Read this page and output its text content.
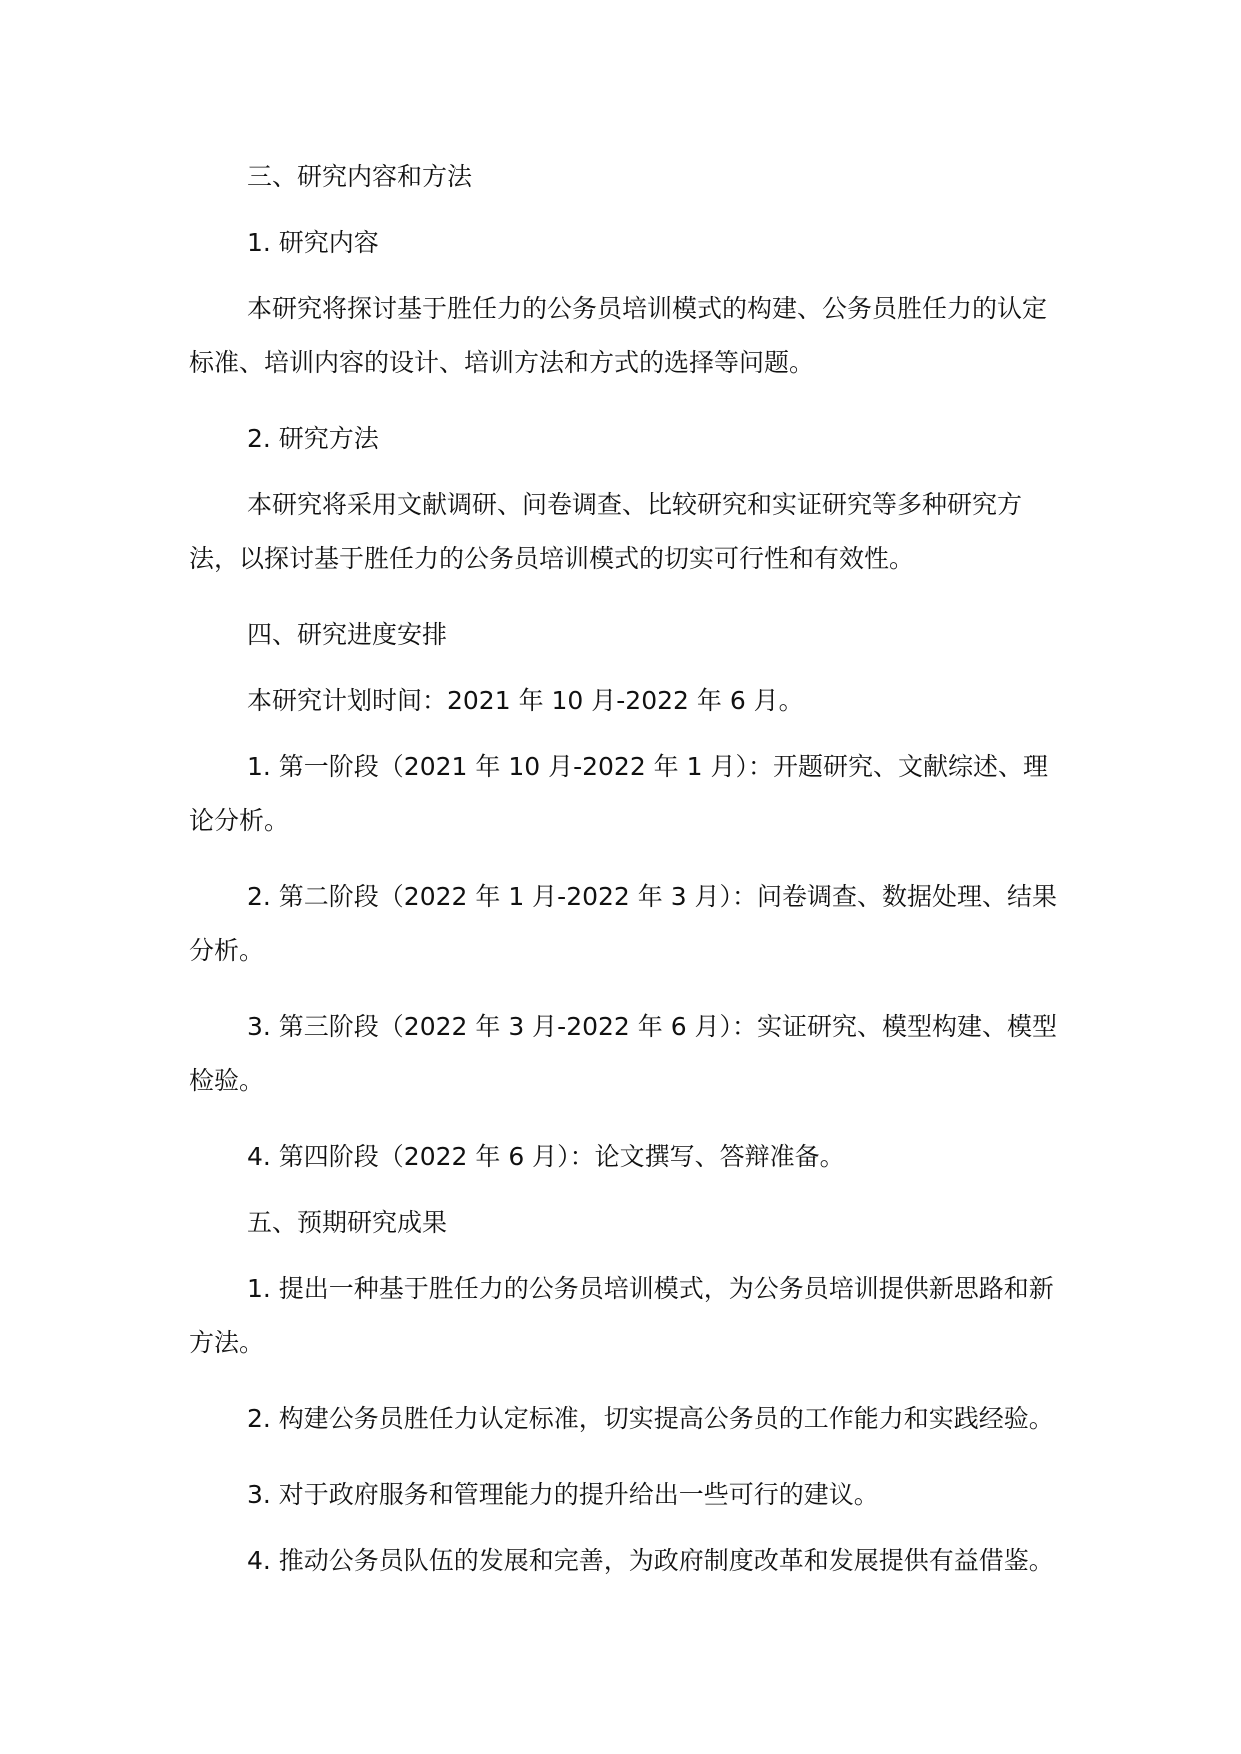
三、研究内容和方法

1. 研究内容

本研究将探讨基于胜任力的公务员培训模式的构建、公务员胜任力的认定标准、培训内容的设计、培训方法和方式的选择等问题。

2. 研究方法

本研究将采用文献调研、问卷调查、比较研究和实证研究等多种研究方法，以探讨基于胜任力的公务员培训模式的切实可行性和有效性。

四、研究进度安排

本研究计划时间：2021 年 10 月-2022 年 6 月。

1. 第一阶段（2021 年 10 月-2022 年 1 月）：开题研究、文献综述、理论分析。

2. 第二阶段（2022 年 1 月-2022 年 3 月）：问卷调查、数据处理、结果分析。

3. 第三阶段（2022 年 3 月-2022 年 6 月）：实证研究、模型构建、模型检验。

4. 第四阶段（2022 年 6 月）：论文撰写、答辩准备。

五、预期研究成果

1. 提出一种基于胜任力的公务员培训模式，为公务员培训提供新思路和新方法。

2. 构建公务员胜任力认定标准，切实提高公务员的工作能力和实践经验。

3. 对于政府服务和管理能力的提升给出一些可行的建议。

4. 推动公务员队伍的发展和完善，为政府制度改革和发展提供有益借鉴。
